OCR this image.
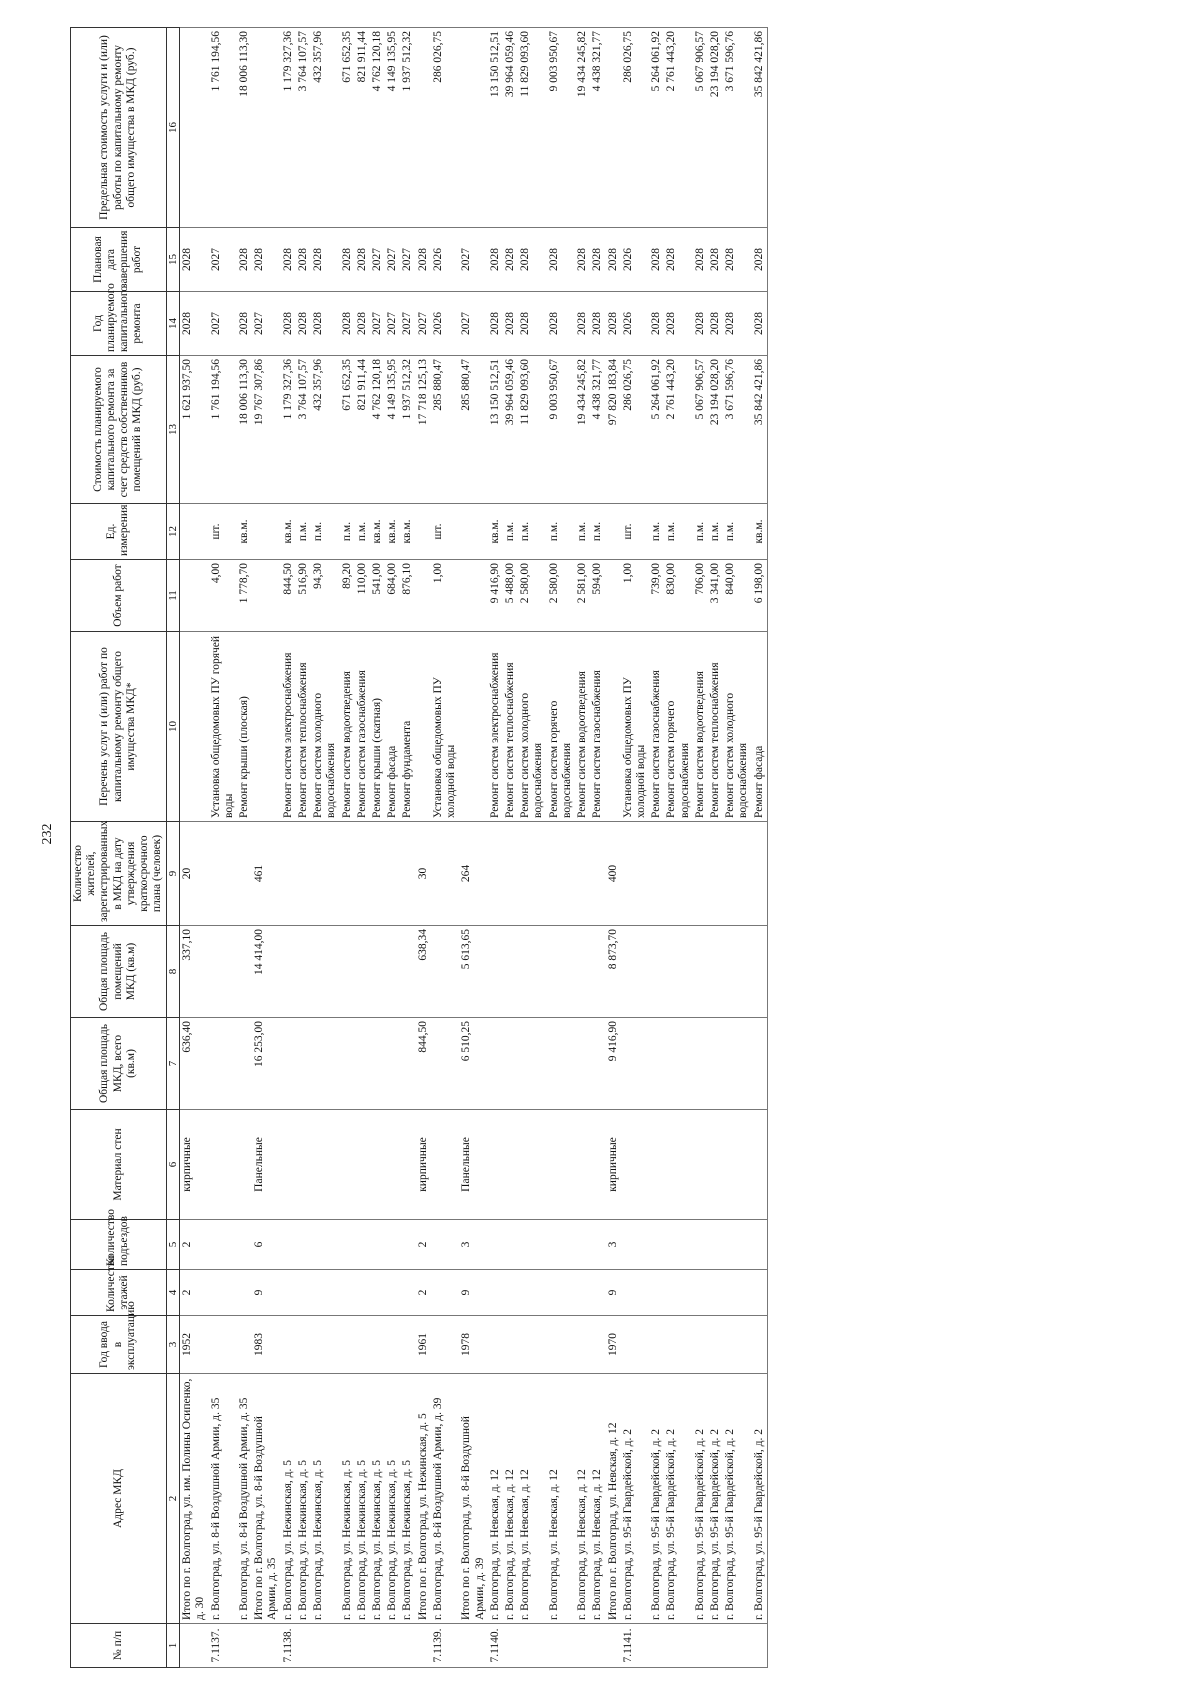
232
№ п/п	Адрес МКД	Год ввода в эксплуатацию	Количество этажей	Количество подъездов	Материал стен	Общая площадь МКД, всего (кв.м)	Общая площадь помещений МКД (кв.м)	Количество жителей, зарегистрированных в МКД на дату утверждения краткосрочного плана (человек)	Перечень услуг и (или) работ по капитальному ремонту общего имущества МКД*	Объем работ	Ед. измерения	Стоимость планируемого капитального ремонта за счет средств собственников помещений в МКД (руб.)	Год планируемого капитального ремонта	Плановая дата завершения работ	Предельная стоимость услуги и (или) работы по капитальному ремонту общего имущества в МКД (руб.)
1	2	3	4	5	6	7	8	9	10	11	12	13	14	15	16
	Итого по г. Волгоград, ул. им. Полины Осипенко, д. 30	1952	2	2	кирпичные	636,40	337,10	20				1 621 937,50	2028	2028	
7.1137.	г. Волгоград, ул. 8-й Воздушной Армии, д. 35								Установка общедомовых ПУ горячей воды	4,00	шт.	1 761 194,56	2027	2027	1 761 194,56
	г. Волгоград, ул. 8-й Воздушной Армии, д. 35								Ремонт крыши (плоская)	1 778,70	кв.м.	18 006 113,30	2028	2028	18 006 113,30
	Итого по г. Волгоград, ул. 8-й Воздушной Армии, д. 35	1983	9	6	Панельные	16 253,00	14 414,00	461				19 767 307,86	2027	2028	
7.1138.	г. Волгоград, ул. Нежинская, д. 5								Ремонт систем электроснабжения	844,50	кв.м.	1 179 327,36	2028	2028	1 179 327,36
	г. Волгоград, ул. Нежинская, д. 5								Ремонт систем теплоснабжения	516,90	п.м.	3 764 107,57	2028	2028	3 764 107,57
	г. Волгоград, ул. Нежинская, д. 5								Ремонт систем холодного водоснабжения	94,30	п.м.	432 357,96	2028	2028	432 357,96
	г. Волгоград, ул. Нежинская, д. 5								Ремонт систем водоотведения	89,20	п.м.	671 652,35	2028	2028	671 652,35
	г. Волгоград, ул. Нежинская, д. 5								Ремонт систем газоснабжения	110,00	п.м.	821 911,44	2028	2028	821 911,44
	г. Волгоград, ул. Нежинская, д. 5								Ремонт крыши (скатная)	541,00	кв.м.	4 762 120,18	2027	2027	4 762 120,18
	г. Волгоград, ул. Нежинская, д. 5								Ремонт фасада	684,00	кв.м.	4 149 135,95	2027	2027	4 149 135,95
	г. Волгоград, ул. Нежинская, д. 5								Ремонт фундамента	876,10	кв.м.	1 937 512,32	2027	2027	1 937 512,32
	Итого по г. Волгоград, ул. Нежинская, д. 5	1961	2	2	кирпичные	844,50	638,34	30				17 718 125,13	2027	2028	
7.1139.	г. Волгоград, ул. 8-й Воздушной Армии, д. 39								Установка общедомовых ПУ холодной воды	1,00	шт.	285 880,47	2026	2026	286 026,75
	Итого по г. Волгоград, ул. 8-й Воздушной Армии, д. 39	1978	9	3	Панельные	6 510,25	5 613,65	264				285 880,47	2027	2027	
7.1140.	г. Волгоград, ул. Невская, д. 12								Ремонт систем электроснабжения	9 416,90	кв.м.	13 150 512,51	2028	2028	13 150 512,51
	г. Волгоград, ул. Невская, д. 12								Ремонт систем теплоснабжения	5 488,00	п.м.	39 964 059,46	2028	2028	39 964 059,46
	г. Волгоград, ул. Невская, д. 12								Ремонт систем холодного водоснабжения	2 580,00	п.м.	11 829 093,60	2028	2028	11 829 093,60
	г. Волгоград, ул. Невская, д. 12								Ремонт систем горячего водоснабжения	2 580,00	п.м.	9 003 950,67	2028	2028	9 003 950,67
	г. Волгоград, ул. Невская, д. 12								Ремонт систем водоотведения	2 581,00	п.м.	19 434 245,82	2028	2028	19 434 245,82
	г. Волгоград, ул. Невская, д. 12								Ремонт систем газоснабжения	594,00	п.м.	4 438 321,77	2028	2028	4 438 321,77
	Итого по г. Волгоград, ул. Невская, д. 12	1970	9	3	кирпичные	9 416,90	8 873,70	400				97 820 183,84	2028	2028	
7.1141.	г. Волгоград, ул. 95-й Гвардейской, д. 2								Установка общедомовых ПУ холодной воды	1,00	шт.	286 026,75	2026	2026	286 026,75
	г. Волгоград, ул. 95-й Гвардейской, д. 2								Ремонт систем газоснабжения	739,00	п.м.	5 264 061,92	2028	2028	5 264 061,92
	г. Волгоград, ул. 95-й Гвардейской, д. 2								Ремонт систем горячего водоснабжения	830,00	п.м.	2 761 443,20	2028	2028	2 761 443,20
	г. Волгоград, ул. 95-й Гвардейской, д. 2								Ремонт систем водоотведения	706,00	п.м.	5 067 906,57	2028	2028	5 067 906,57
	г. Волгоград, ул. 95-й Гвардейской, д. 2								Ремонт систем теплоснабжения	3 341,00	п.м.	23 194 028,20	2028	2028	23 194 028,20
	г. Волгоград, ул. 95-й Гвардейской, д. 2								Ремонт систем холодного водоснабжения	840,00	п.м.	3 671 596,76	2028	2028	3 671 596,76
	г. Волгоград, ул. 95-й Гвардейской, д. 2								Ремонт фасада	6 198,00	кв.м.	35 842 421,86	2028	2028	35 842 421,86
